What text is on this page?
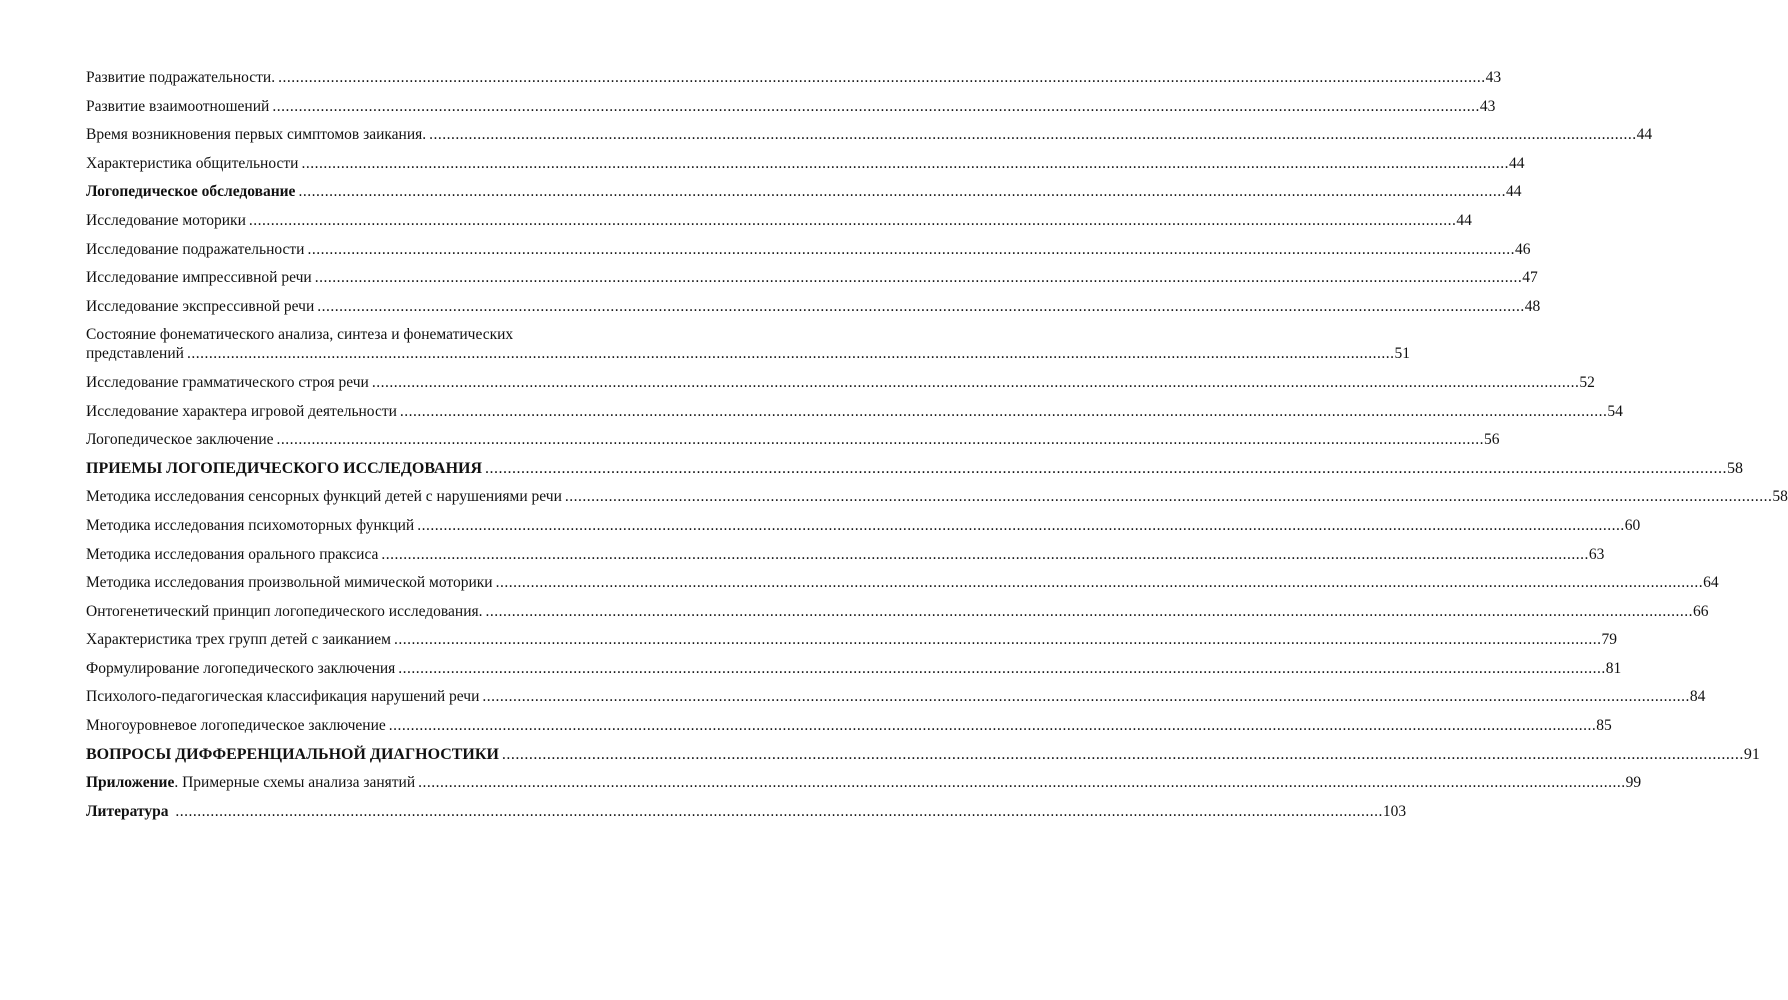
Развитие подражательности. .....	43
Развитие взаимоотношений .....	43
Время возникновения первых симптомов заикания. .....	44
Характеристика общительности .....	44
Логопедическое обследование .....	44
Исследование моторики .....	44
Исследование подражательности .....	46
Исследование импрессивной речи .....	47
Исследование экспрессивной речи .....	48
Состояние фонематического анализа, синтеза и фонематических
представлений .....	51
Исследование грамматического строя речи .....	52
Исследование характера игровой деятельности .....	54
Логопедическое заключение .....	56
ПРИЕМЫ ЛОГОПЕДИЧЕСКОГО ИССЛЕДОВАНИЯ .....	58
Методика исследования сенсорных функций детей с нарушениями речи .....	58
Методика исследования психомоторных функций .....	60
Методика исследования орального праксиса .....	63
Методика исследования произвольной мимической моторики .....	64
Онтогенетический принцип логопедического исследования. .....	66
Характеристика трех групп детей с заиканием .....	79
Формулирование логопедического заключения .....	81
Психолого-педагогическая классификация нарушений речи .....	84
Многоуровневое логопедическое заключение .....	85
ВОПРОСЫ ДИФФЕРЕНЦИАЛЬНОЙ ДИАГНОСТИКИ .....	91
Приложение. Примерные схемы анализа занятий .....	99
Литература .....	103
